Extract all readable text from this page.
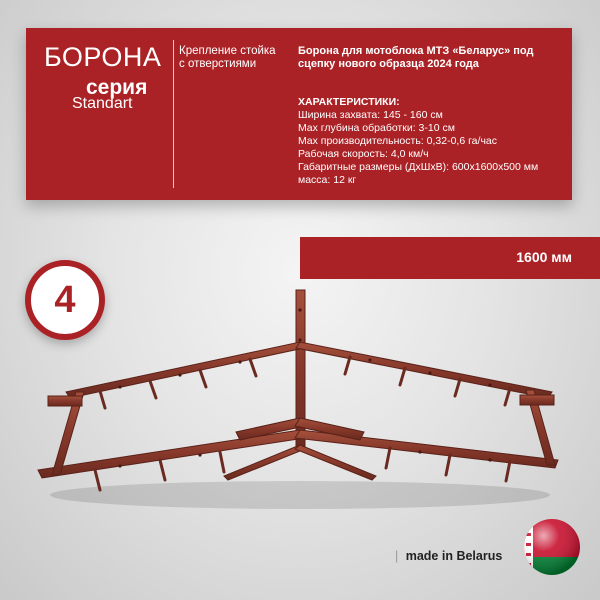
БОРОНА
серия
Standart
Крепление стойка с отверстиями
Борона для мотоблока МТЗ «Беларус» под сцепку нового образца 2024 года
ХАРАКТЕРИСТИКИ:
Ширина захвата: 145 - 160 см
Max глубина обработки: 3-10 см
Max производительность: 0,32-0,6 га/час
Рабочая скорость: 4,0 км/ч
Габаритные размеры (ДхШхВ): 600х1600х500 мм
масса: 12 кг
1600 мм
4
| made in Belarus
